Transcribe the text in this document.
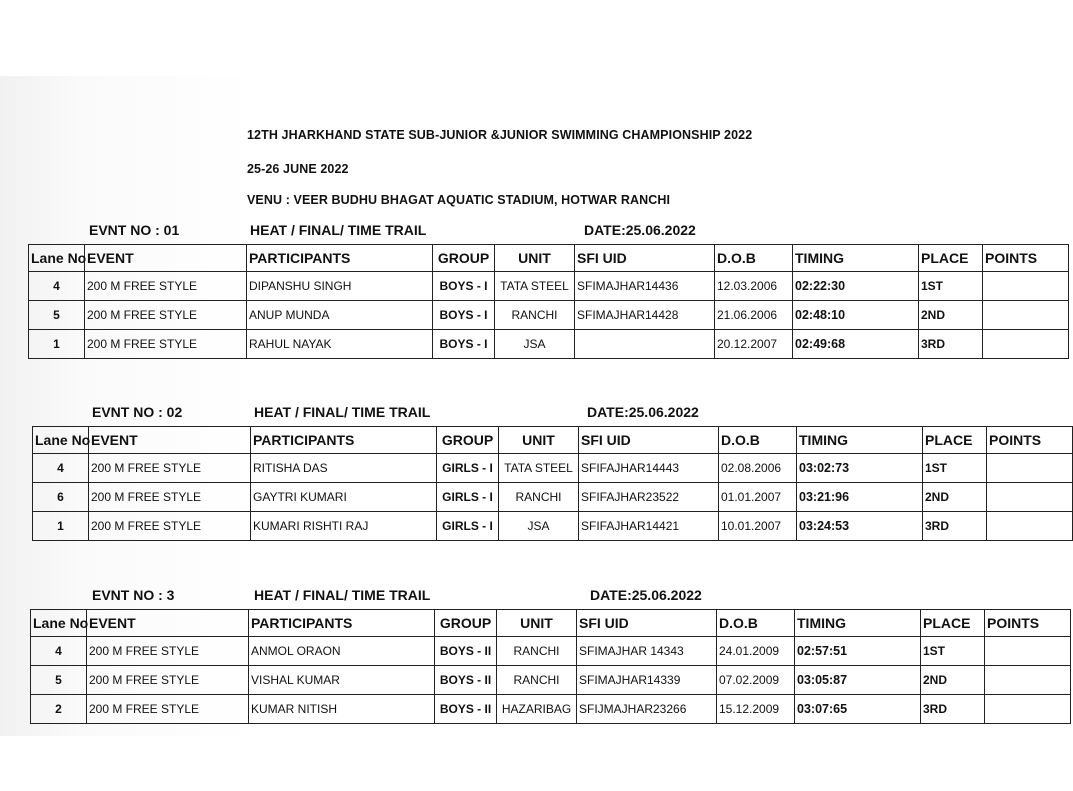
12TH JHARKHAND STATE SUB-JUNIOR &JUNIOR SWIMMING CHAMPIONSHIP 2022
25-26 JUNE 2022
VENU : VEER BUDHU BHAGAT AQUATIC STADIUM, HOTWAR RANCHI
EVNT NO : 01	HEAT / FINAL/ TIME TRAIL	DATE:25.06.2022
Lane No	EVENT	PARTICIPANTS	GROUP	UNIT	SFI UID	D.O.B	TIMING	PLACE	POINTS
4	200 M FREE STYLE	DIPANSHU SINGH	BOYS - I	TATA STEEL	SFIMAJHAR14436	12.03.2006	02:22:30	1ST	
5	200 M FREE STYLE	ANUP MUNDA	BOYS - I	RANCHI	SFIMAJHAR14428	21.06.2006	02:48:10	2ND	
1	200 M FREE STYLE	RAHUL NAYAK	BOYS - I	JSA		20.12.2007	02:49:68	3RD	
EVNT NO : 02	HEAT / FINAL/ TIME TRAIL	DATE:25.06.2022
Lane No	EVENT	PARTICIPANTS	GROUP	UNIT	SFI UID	D.O.B	TIMING	PLACE	POINTS
4	200 M FREE STYLE	RITISHA DAS	GIRLS - I	TATA STEEL	SFIFAJHAR14443	02.08.2006	03:02:73	1ST	
6	200 M FREE STYLE	GAYTRI KUMARI	GIRLS - I	RANCHI	SFIFAJHAR23522	01.01.2007	03:21:96	2ND	
1	200 M FREE STYLE	KUMARI RISHTI RAJ	GIRLS - I	JSA	SFIFAJHAR14421	10.01.2007	03:24:53	3RD	
EVNT NO : 3	HEAT / FINAL/ TIME TRAIL	DATE:25.06.2022
Lane No	EVENT	PARTICIPANTS	GROUP	UNIT	SFI UID	D.O.B	TIMING	PLACE	POINTS
4	200 M FREE STYLE	ANMOL ORAON	BOYS - II	RANCHI	SFIMAJHAR 14343	24.01.2009	02:57:51	1ST	
5	200 M FREE STYLE	VISHAL KUMAR	BOYS - II	RANCHI	SFIMAJHAR14339	07.02.2009	03:05:87	2ND	
2	200 M FREE STYLE	KUMAR NITISH	BOYS - II	HAZARIBAG	SFIJMAJHAR23266	15.12.2009	03:07:65	3RD	
